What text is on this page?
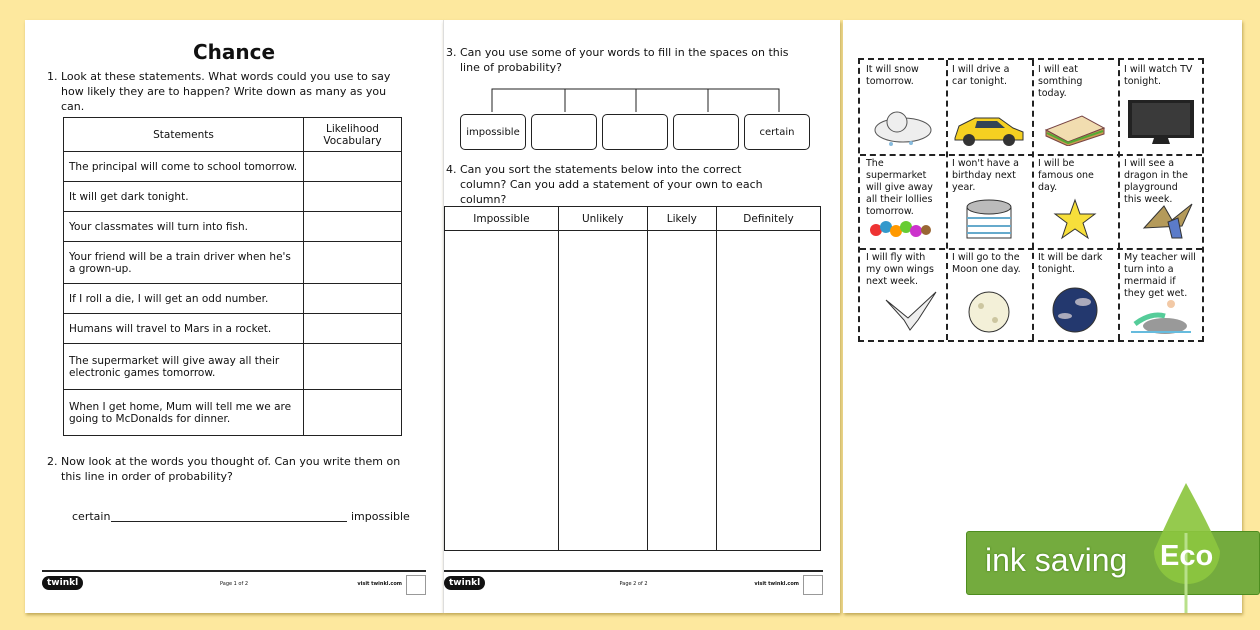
Chance
1. Look at these statements. What words could you use to say how likely they are to happen? Write down as many as you can.
Statements	Likelihood Vocabulary
The principal will come to school tomorrow.	
It will get dark tonight.	
Your classmates will turn into fish.	
Your friend will be a train driver when he's a grown-up.	
If I roll a die, I will get an odd number.	
Humans will travel to Mars in a rocket.	
The supermarket will give away all their electronic games tomorrow.	
When I get home, Mum will tell me we are going to McDonalds for dinner.	
2. Now look at the words you thought of. Can you write them on this line in order of probability?
certain	impossible
twinkl	Page 1 of 2	visit twinkl.com
3. Can you use some of your words to fill in the spaces on this line of probability?
impossible	certain
4. Can you sort the statements below into the correct column? Can you add a statement of your own to each column?
Impossible	Unlikely	Likely	Definitely

twinkl	Page 2 of 2	visit twinkl.com
It will snow tomorrow.
I will drive a car tonight.
I will eat somthing today.
I will watch TV tonight.
The supermarket will give away all their lollies tomorrow.
I won't have a birthday next year.
I will be famous one day.
I will see a dragon in the playground this week.
I will fly with my own wings next week.
I will go to the Moon one day.
It will be dark tonight.
My teacher will turn into a mermaid if they get wet.
ink saving Eco
